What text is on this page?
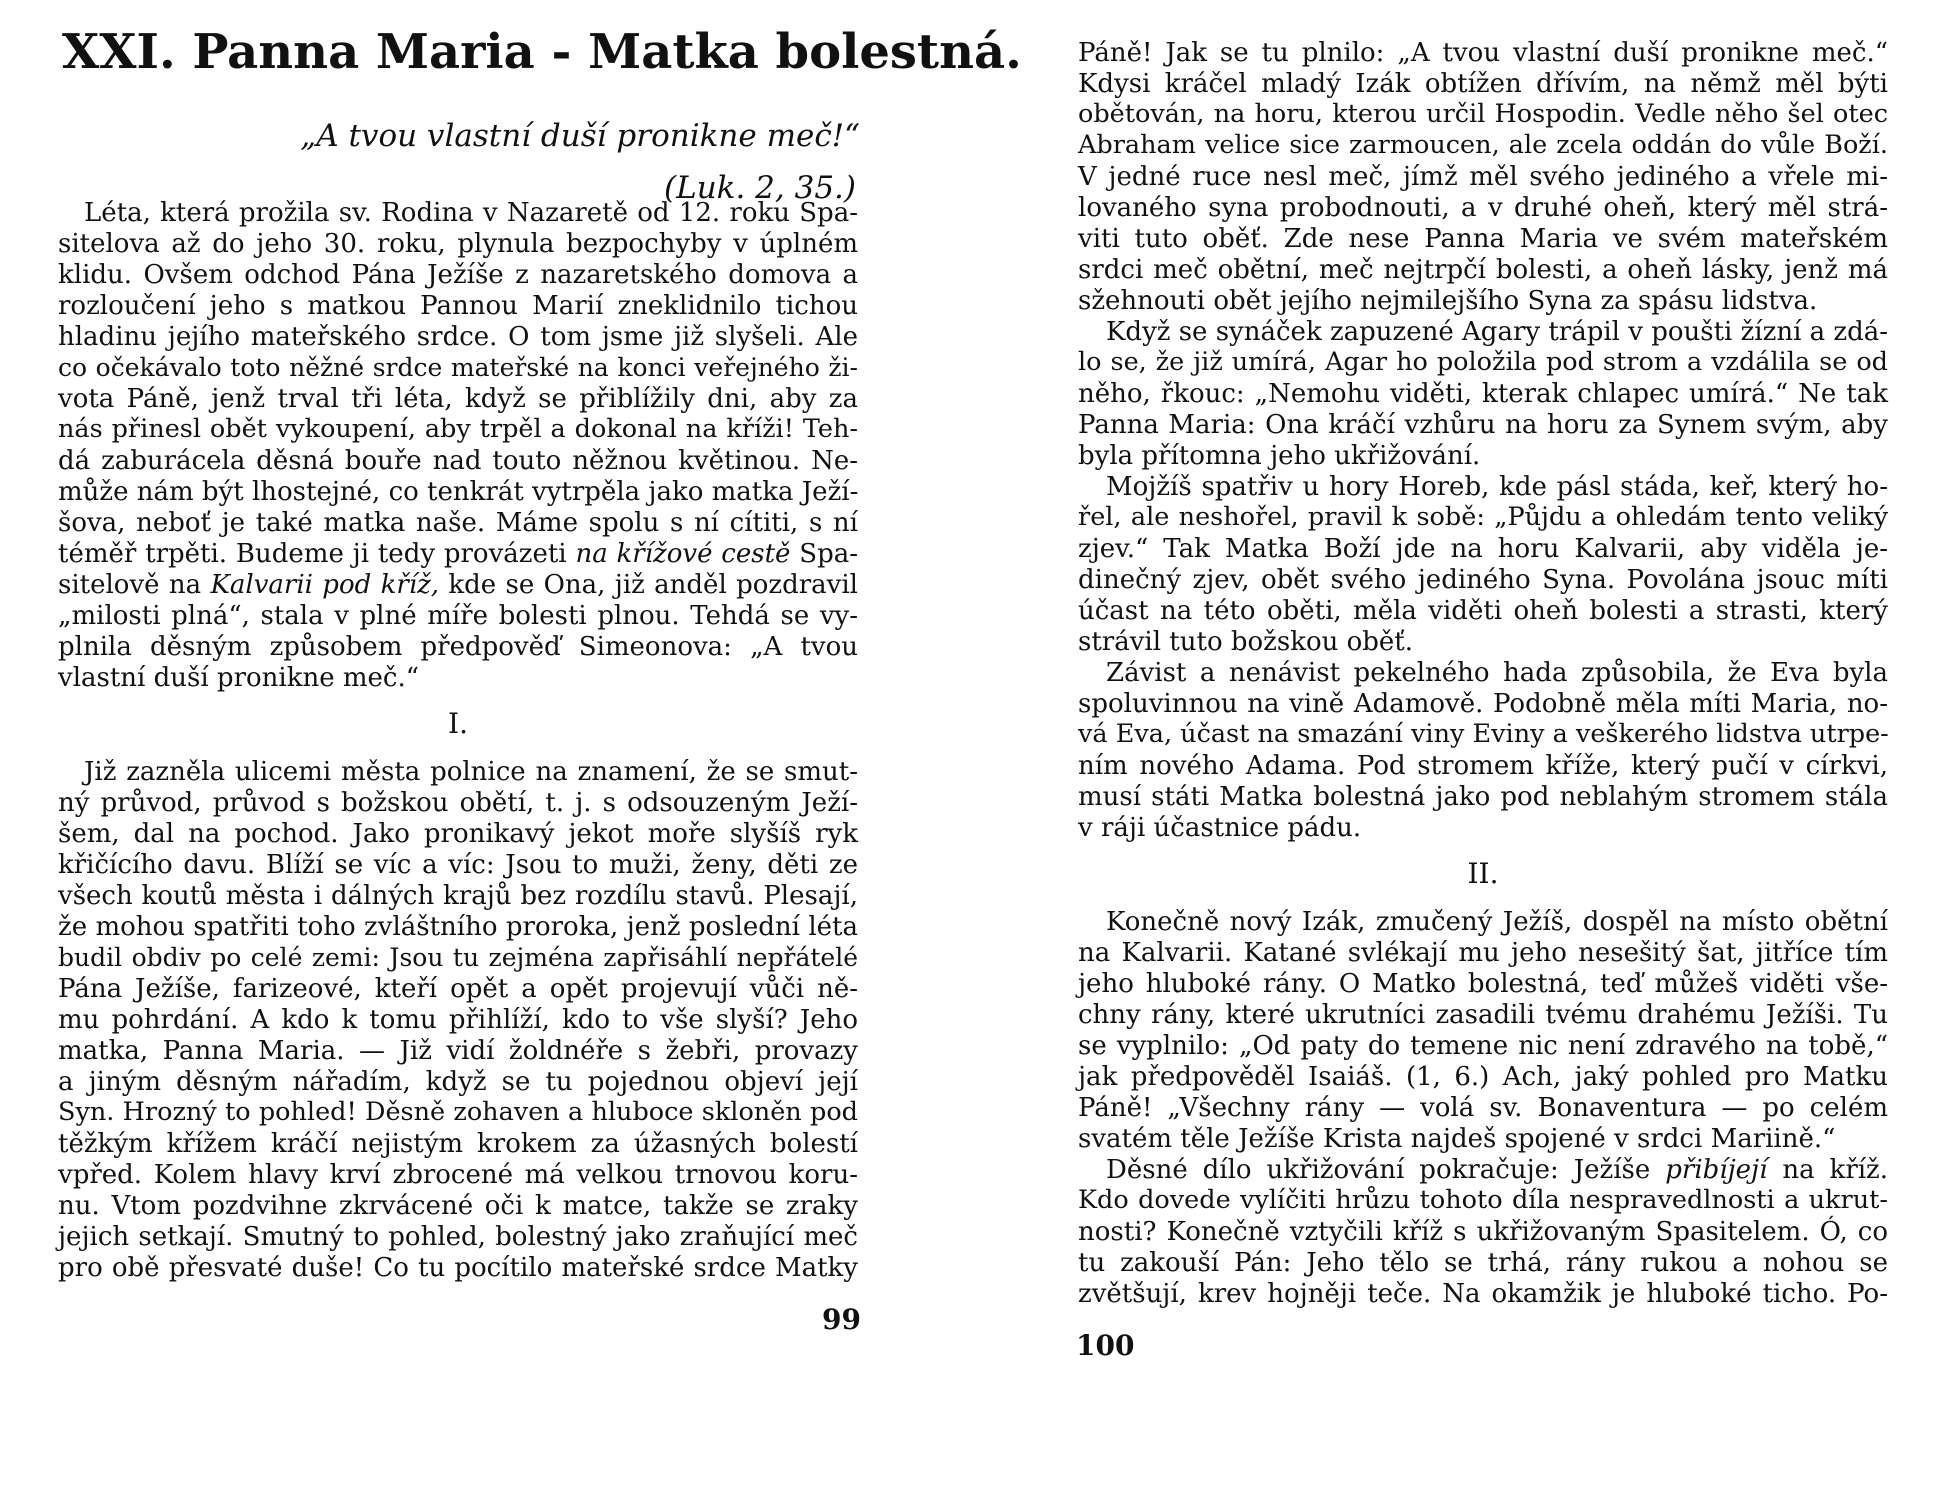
XXI. Panna Maria - Matka bolestná.
„A tvou vlastní duší pronikne meč!“
(Luk. 2, 35.)
Léta, která prožila sv. Rodina v Nazaretě od 12. roku Spa-
sitelova až do jeho 30. roku, plynula bezpochyby v úplném
klidu. Ovšem odchod Pána Ježíše z nazaretského domova a
rozloučení jeho s matkou Pannou Marií zneklidnilo tichou
hladinu jejího mateřského srdce. O tom jsme již slyšeli. Ale
co očekávalo toto něžné srdce mateřské na konci veřejného ži-
vota Páně, jenž trval tři léta, když se přiblížily dni, aby za
nás přinesl obět vykoupení, aby trpěl a dokonal na kříži! Teh-
dá zaburácela děsná bouře nad touto něžnou květinou. Ne-
může nám být lhostejné, co tenkrát vytrpěla jako matka Ježí-
šova, neboť je také matka naše. Máme spolu s ní cítiti, s ní
téměř trpěti. Budeme ji tedy provázeti na křížové cestě Spa-
sitelově na Kalvarii pod kříž, kde se Ona, již anděl pozdravil
„milosti plná“, stala v plné míře bolesti plnou. Tehdá se vy-
plnila děsným způsobem předpověď Simeonova: „A tvou
vlastní duší pronikne meč.“
I.
Již zazněla ulicemi města polnice na znamení, že se smut-
ný průvod, průvod s božskou obětí, t. j. s odsouzeným Ježí-
šem, dal na pochod. Jako pronikavý jekot moře slyšíš ryk
křičícího davu. Blíží se víc a víc: Jsou to muži, ženy, děti ze
všech koutů města i dálných krajů bez rozdílu stavů. Plesají,
že mohou spatřiti toho zvláštního proroka, jenž poslední léta
budil obdiv po celé zemi: Jsou tu zejména zapřisáhlí nepřátelé
Pána Ježíše, farizeové, kteří opět a opět projevují vůči ně-
mu pohrdání. A kdo k tomu přihlíží, kdo to vše slyší? Jeho
matka, Panna Maria. — Již vidí žoldnéře s žebři, provazy
a jiným děsným nářadím, když se tu pojednou objeví její
Syn. Hrozný to pohled! Děsně zohaven a hluboce skloněn pod
těžkým křížem kráčí nejistým krokem za úžasných bolestí
vpřed. Kolem hlavy krví zbrocené má velkou trnovou koru-
nu. Vtom pozdvihne zkrvácené oči k matce, takže se zraky
jejich setkají. Smutný to pohled, bolestný jako zraňující meč
pro obě přesvaté duše! Co tu pocítilo mateřské srdce Matky
99
Páně! Jak se tu plnilo: „A tvou vlastní duší pronikne meč.“
Kdysi kráčel mladý Izák obtížen dřívím, na němž měl býti
obětován, na horu, kterou určil Hospodin. Vedle něho šel otec
Abraham velice sice zarmoucen, ale zcela oddán do vůle Boží.
V jedné ruce nesl meč, jímž měl svého jediného a vřele mi-
lovaného syna probodnouti, a v druhé oheň, který měl strá-
viti tuto oběť. Zde nese Panna Maria ve svém mateřském
srdci meč obětní, meč nejtrpčí bolesti, a oheň lásky, jenž má
sžehnouti obět jejího nejmilejšího Syna za spásu lidstva.
Když se synáček zapuzené Agary trápil v poušti žízní a zdá-
lo se, že již umírá, Agar ho položila pod strom a vzdálila se od
něho, řkouc: „Nemohu viděti, kterak chlapec umírá.“ Ne tak
Panna Maria: Ona kráčí vzhůru na horu za Synem svým, aby
byla přítomna jeho ukřižování.
Mojžíš spatřiv u hory Horeb, kde pásl stáda, keř, který ho-
řel, ale neshořel, pravil k sobě: „Půjdu a ohledám tento veliký
zjev.“ Tak Matka Boží jde na horu Kalvarii, aby viděla je-
dinečný zjev, obět svého jediného Syna. Povolána jsouc míti
účast na této oběti, měla viděti oheň bolesti a strasti, který
strávil tuto božskou oběť.
Závist a nenávist pekelného hada způsobila, že Eva byla
spoluvinnou na vině Adamově. Podobně měla míti Maria, no-
vá Eva, účast na smazání viny Eviny a veškerého lidstva utrpe-
ním nového Adama. Pod stromem kříže, který pučí v církvi,
musí státi Matka bolestná jako pod neblahým stromem stála
v ráji účastnice pádu.
II.
Konečně nový Izák, zmučený Ježíš, dospěl na místo obětní
na Kalvarii. Katané svlékají mu jeho nesešitý šat, jitříce tím
jeho hluboké rány. O Matko bolestná, teď můžeš viděti vše-
chny rány, které ukrutníci zasadili tvému drahému Ježíši. Tu
se vyplnilo: „Od paty do temene nic není zdravého na tobě,“
jak předpověděl Isaiáš. (1, 6.) Ach, jaký pohled pro Matku
Páně! „Všechny rány — volá sv. Bonaventura — po celém
svatém těle Ježíše Krista najdeš spojené v srdci Mariině.“
Děsné dílo ukřižování pokračuje: Ježíše přibíjejí na kříž.
Kdo dovede vylíčiti hrůzu tohoto díla nespravedlnosti a ukrut-
nosti? Konečně vztyčili kříž s ukřižovaným Spasitelem. Ó, co
tu zakouší Pán: Jeho tělo se trhá, rány rukou a nohou se
zvětšují, krev hojněji teče. Na okamžik je hluboké ticho. Po-
100
